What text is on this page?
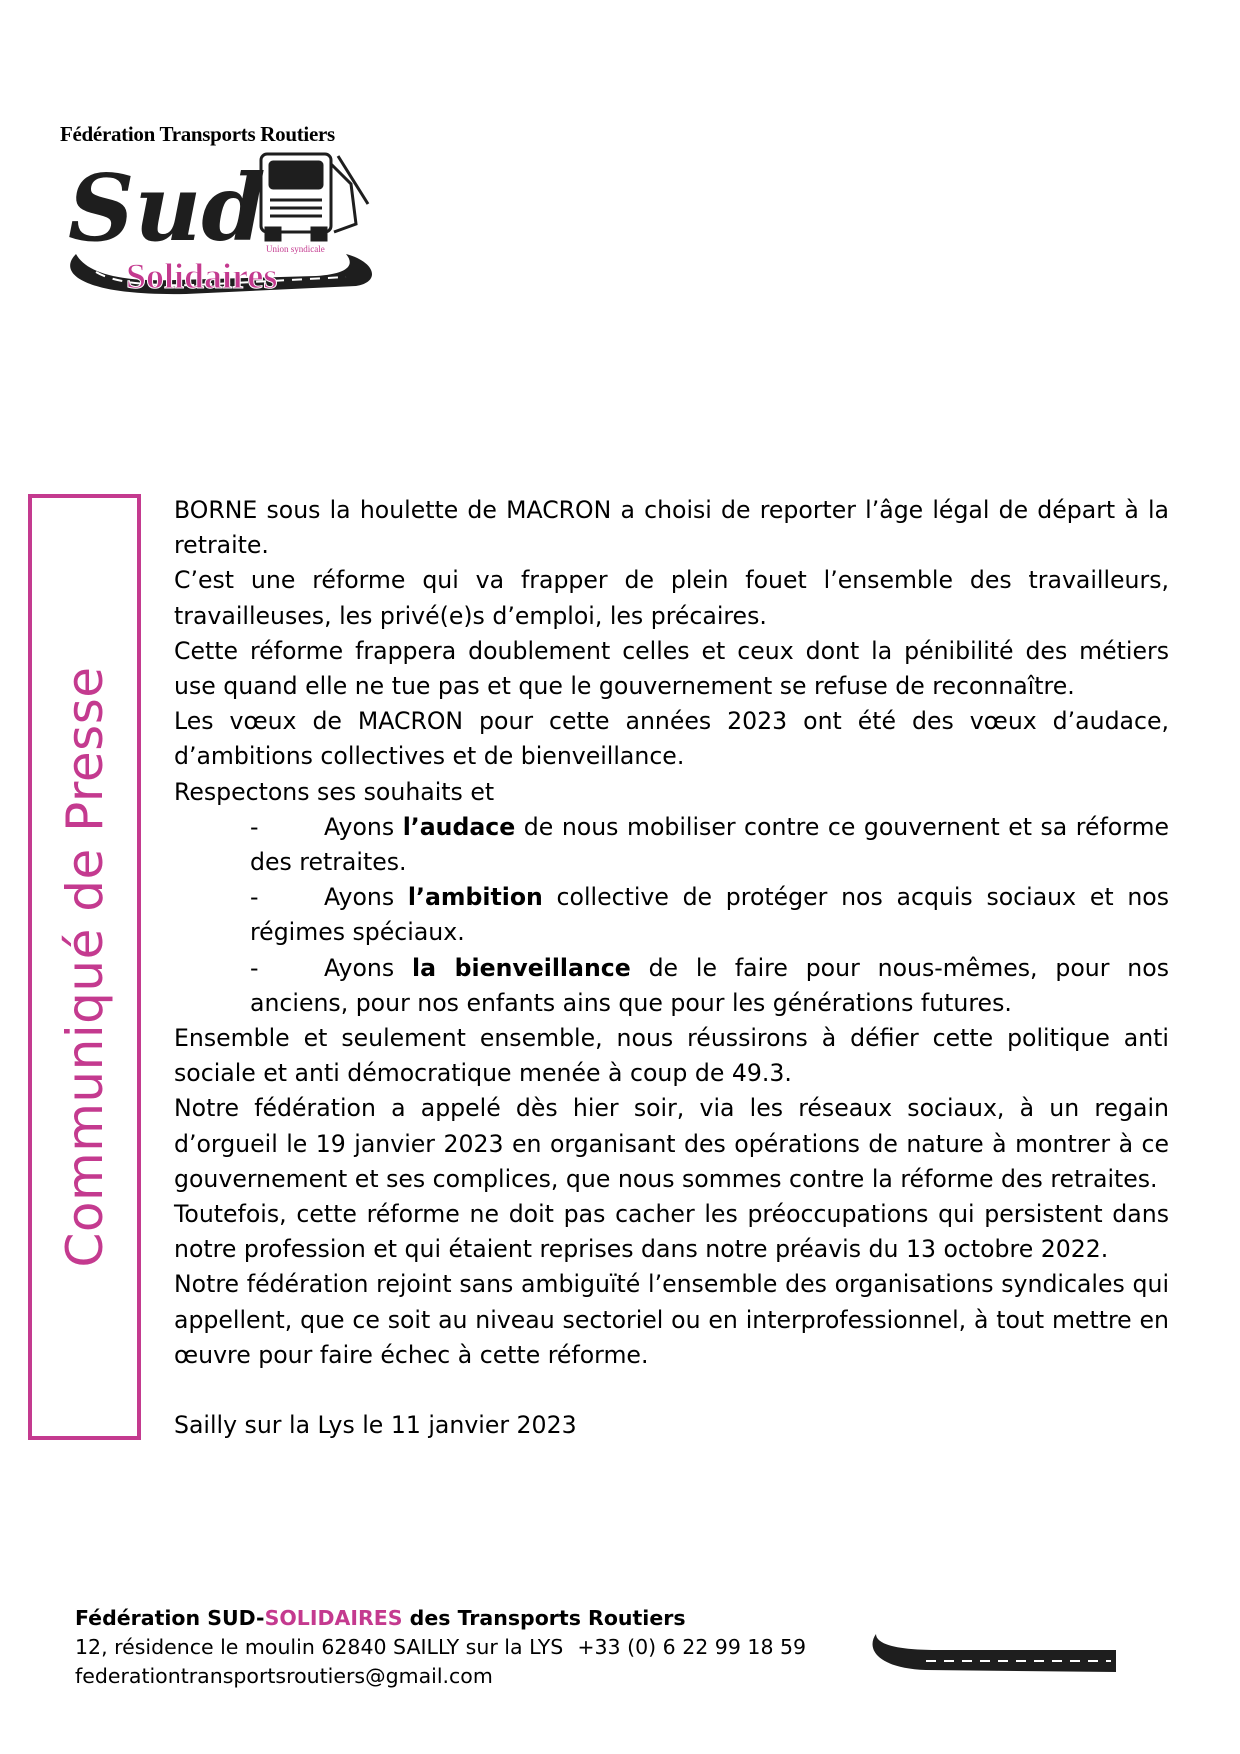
Fédération Transports Routiers
Sud Union syndicale
Solidaires
Communiqué de Presse

BORNE sous la houlette de MACRON a choisi de reporter l’âge légal de départ à la retraite.

C’est une réforme qui va frapper de plein fouet l’ensemble des travailleurs, travailleuses, les privé(e)s d’emploi, les précaires.

Cette réforme frappera doublement celles et ceux dont la pénibilité des métiers use quand elle ne tue pas et que le gouvernement se refuse de reconnaître.

Les vœux de MACRON pour cette années 2023 ont été des vœux d’audace, d’ambitions collectives et de bienveillance.

Respectons ses souhaits et

-	Ayons l’audace de nous mobiliser contre ce gouvernent et sa réforme des retraites.
-	Ayons l’ambition collective de protéger nos acquis sociaux et nos régimes spéciaux.
-	Ayons la bienveillance de le faire pour nous-mêmes, pour nos anciens, pour nos enfants ains que pour les générations futures.

Ensemble et seulement ensemble, nous réussirons à défier cette politique anti sociale et anti démocratique menée à coup de 49.3.

Notre fédération a appelé dès hier soir, via les réseaux sociaux, à un regain d’orgueil le 19 janvier 2023 en organisant des opérations de nature à montrer à ce gouvernement et ses complices, que nous sommes contre la réforme des retraites.

Toutefois, cette réforme ne doit pas cacher les préoccupations qui persistent dans notre profession et qui étaient reprises dans notre préavis du 13 octobre 2022.

Notre fédération rejoint sans ambiguïté l’ensemble des organisations syndicales qui appellent, que ce soit au niveau sectoriel ou en interprofessionnel, à tout mettre en œuvre pour faire échec à cette réforme.

Sailly sur la Lys le 11 janvier 2023

Fédération SUD-SOLIDAIRES des Transports Routiers
12, résidence le moulin 62840 SAILLY sur la LYS +33 (0) 6 22 99 18 59
federationtransportsroutiers@gmail.com
